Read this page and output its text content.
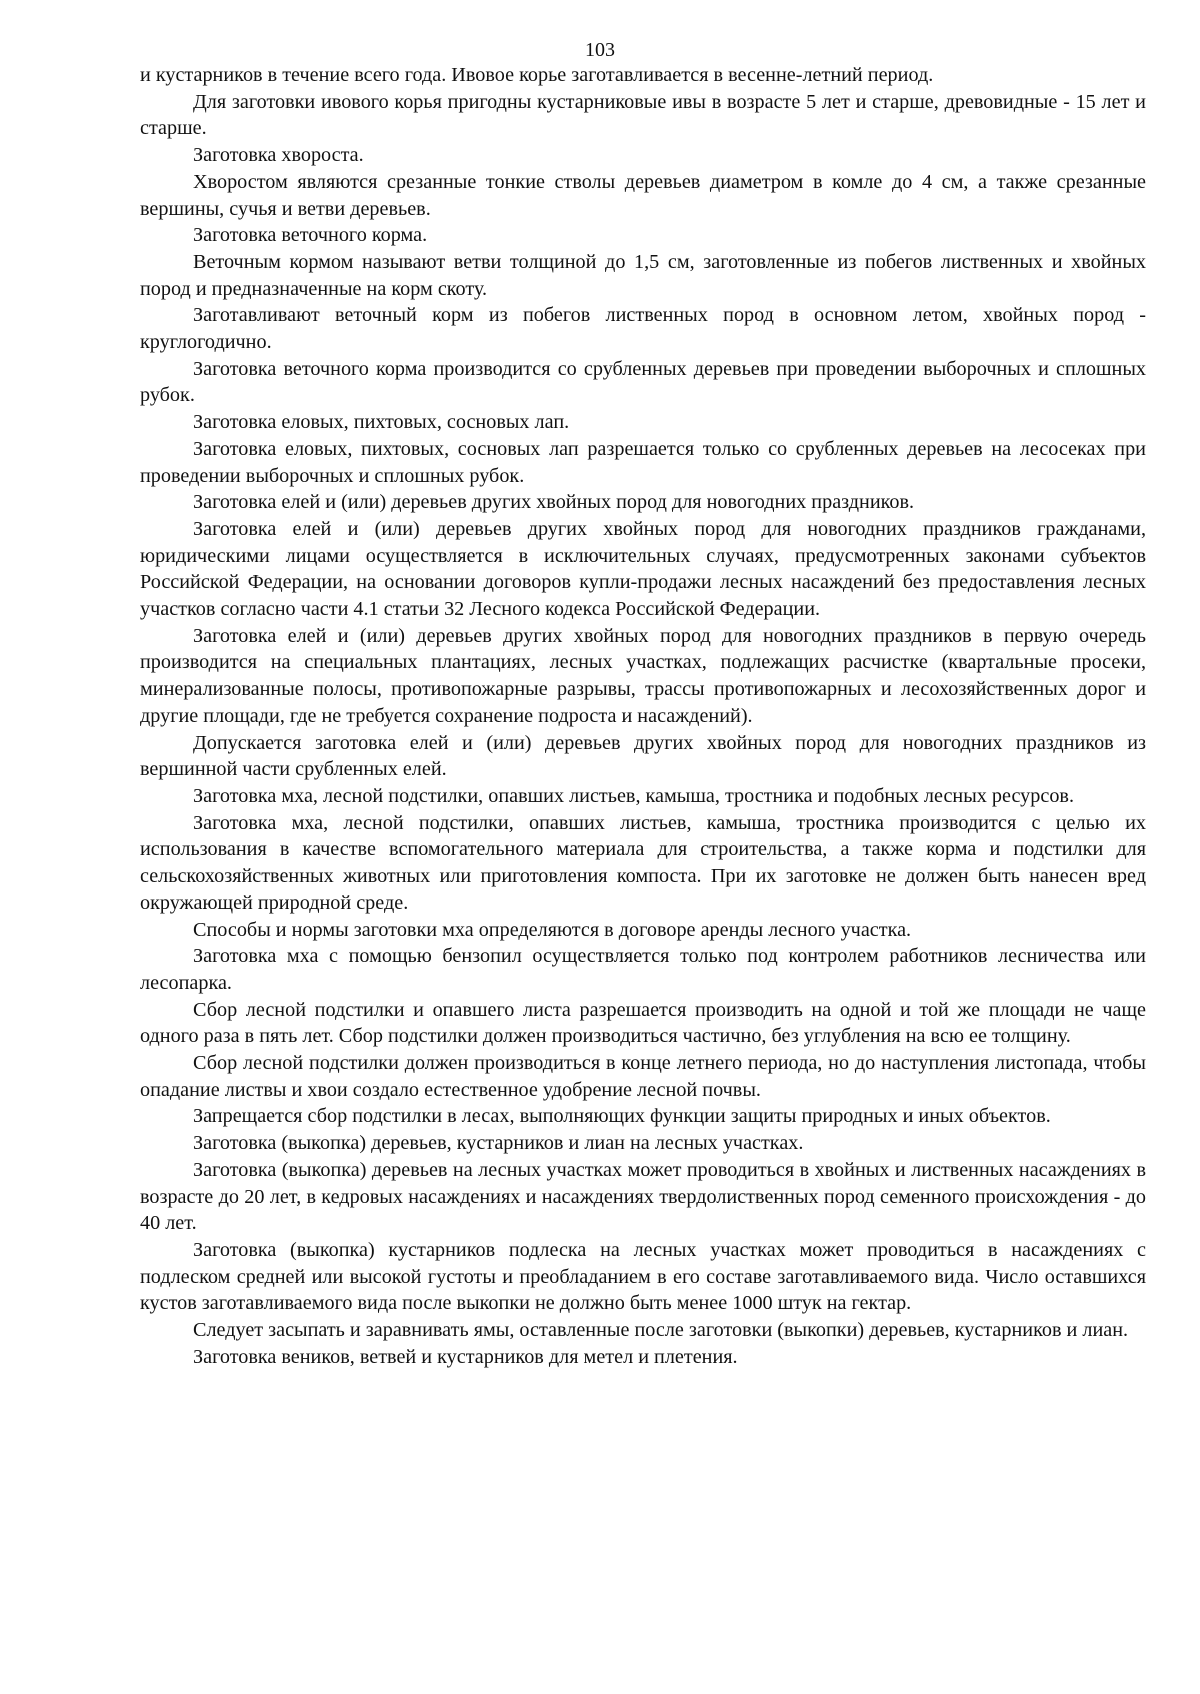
103

и кустарников в течение всего года. Ивовое корье заготавливается в весенне-летний период.

Для заготовки ивового корья пригодны кустарниковые ивы в возрасте 5 лет и старше, древовидные - 15 лет и старше.

Заготовка хвороста.

Хворостом являются срезанные тонкие стволы деревьев диаметром в комле до 4 см, а также срезанные вершины, сучья и ветви деревьев.

Заготовка веточного корма.

Веточным кормом называют ветви толщиной до 1,5 см, заготовленные из побегов лиственных и хвойных пород и предназначенные на корм скоту.

Заготавливают веточный корм из побегов лиственных пород в основном летом, хвойных пород - круглогодично.

Заготовка веточного корма производится со срубленных деревьев при проведении выборочных и сплошных рубок.

Заготовка еловых, пихтовых, сосновых лап.

Заготовка еловых, пихтовых, сосновых лап разрешается только со срубленных деревьев на лесосеках при проведении выборочных и сплошных рубок.

Заготовка елей и (или) деревьев других хвойных пород для новогодних праздников.

Заготовка елей и (или) деревьев других хвойных пород для новогодних праздников гражданами, юридическими лицами осуществляется в исключительных случаях, предусмотренных законами субъектов Российской Федерации, на основании договоров купли-продажи лесных насаждений без предоставления лесных участков согласно части 4.1 статьи 32 Лесного кодекса Российской Федерации.

Заготовка елей и (или) деревьев других хвойных пород для новогодних праздников в первую очередь производится на специальных плантациях, лесных участках, подлежащих расчистке (квартальные просеки, минерализованные полосы, противопожарные разрывы, трассы противопожарных и лесохозяйственных дорог и другие площади, где не требуется сохранение подроста и насаждений).

Допускается заготовка елей и (или) деревьев других хвойных пород для новогодних праздников из вершинной части срубленных елей.

Заготовка мха, лесной подстилки, опавших листьев, камыша, тростника и подобных лесных ресурсов.

Заготовка мха, лесной подстилки, опавших листьев, камыша, тростника производится с целью их использования в качестве вспомогательного материала для строительства, а также корма и подстилки для сельскохозяйственных животных или приготовления компоста. При их заготовке не должен быть нанесен вред окружающей природной среде.

Способы и нормы заготовки мха определяются в договоре аренды лесного участка.

Заготовка мха с помощью бензопил осуществляется только под контролем работников лесничества или лесопарка.

Сбор лесной подстилки и опавшего листа разрешается производить на одной и той же площади не чаще одного раза в пять лет. Сбор подстилки должен производиться частично, без углубления на всю ее толщину.

Сбор лесной подстилки должен производиться в конце летнего периода, но до наступления листопада, чтобы опадание листвы и хвои создало естественное удобрение лесной почвы.

Запрещается сбор подстилки в лесах, выполняющих функции защиты природных и иных объектов.

Заготовка (выкопка) деревьев, кустарников и лиан на лесных участках.

Заготовка (выкопка) деревьев на лесных участках может проводиться в хвойных и лиственных насаждениях в возрасте до 20 лет, в кедровых насаждениях и насаждениях твердолиственных пород семенного происхождения - до 40 лет.

Заготовка (выкопка) кустарников подлеска на лесных участках может проводиться в насаждениях с подлеском средней или высокой густоты и преобладанием в его составе заготавливаемого вида. Число оставшихся кустов заготавливаемого вида после выкопки не должно быть менее 1000 штук на гектар.

Следует засыпать и заравнивать ямы, оставленные после заготовки (выкопки) деревьев, кустарников и лиан.

Заготовка веников, ветвей и кустарников для метел и плетения.
